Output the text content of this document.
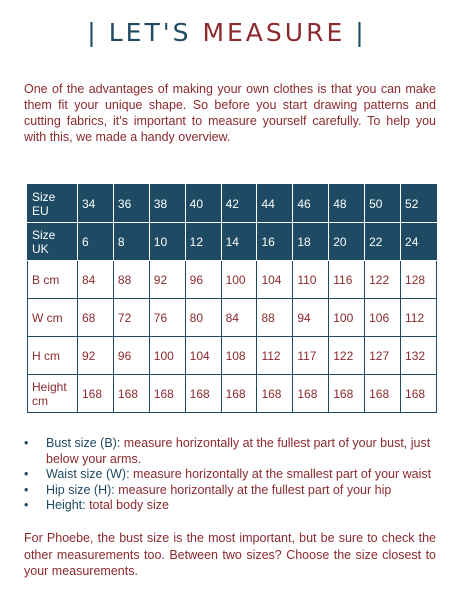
| LET'S MEASURE |

One of the advantages of making your own clothes is that you can make them fit your unique shape. So before you start drawing patterns and cutting fabrics, it's important to measure yourself carefully. To help you with this, we made a handy overview.

Size EU	34	36	38	40	42	44	46	48	50	52
Size UK	6	8	10	12	14	16	18	20	22	24
B cm	84	88	92	96	100	104	110	116	122	128
W cm	68	72	76	80	84	88	94	100	106	112
H cm	92	96	100	104	108	112	117	122	127	132
Height cm	168	168	168	168	168	168	168	168	168	168
• Bust size (B): measure horizontally at the fullest part of your bust, just below your arms.
• Waist size (W): measure horizontally at the smallest part of your waist
• Hip size (H): measure horizontally at the fullest part of your hip
• Height: total body size

For Phoebe, the bust size is the most important, but be sure to check the other measurements too. Between two sizes? Choose the size closest to your measurements.
